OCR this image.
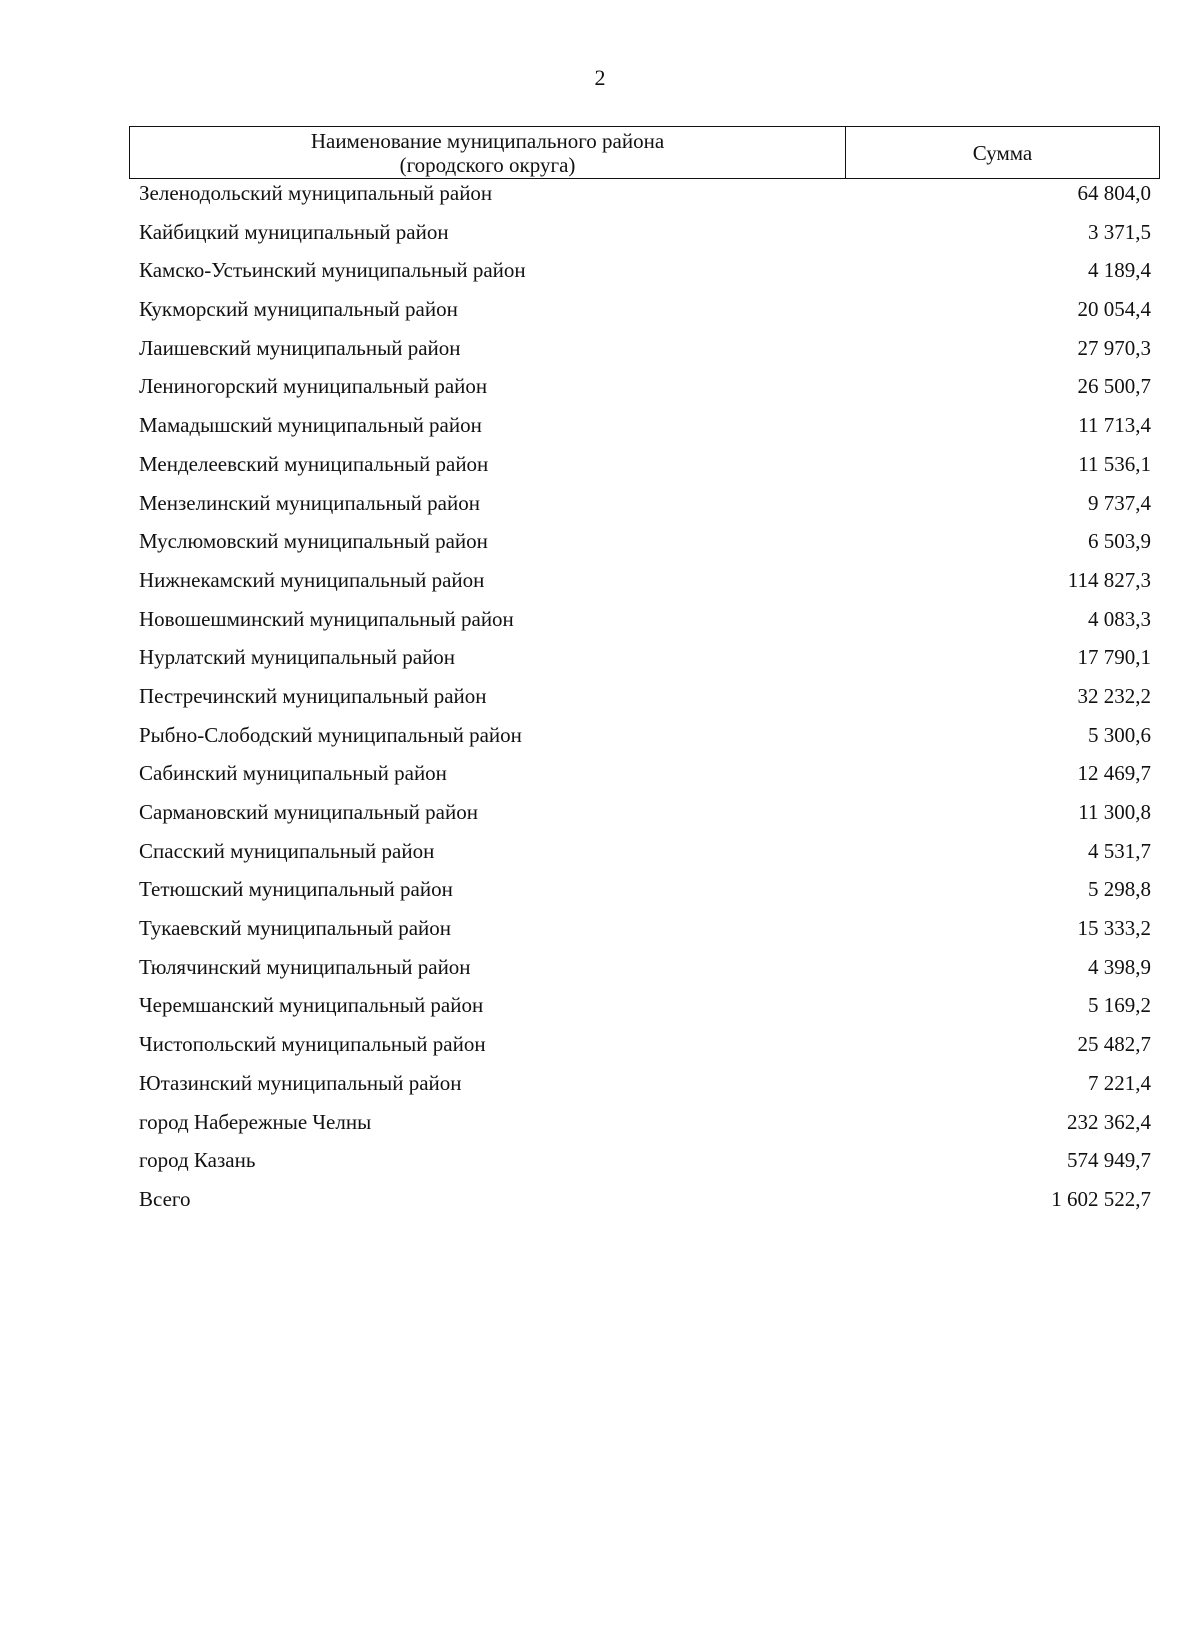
2
Наименование муниципального района
(городского округа)	Сумма
Зеленодольский муниципальный район	64 804,0
Кайбицкий муниципальный район	3 371,5
Камско-Устьинский муниципальный район	4 189,4
Кукморский муниципальный район	20 054,4
Лаишевский муниципальный район	27 970,3
Лениногорский муниципальный район	26 500,7
Мамадышский муниципальный район	11 713,4
Менделеевский муниципальный район	11 536,1
Мензелинский муниципальный район	9 737,4
Муслюмовский муниципальный район	6 503,9
Нижнекамский муниципальный район	114 827,3
Новошешминский муниципальный район	4 083,3
Нурлатский муниципальный район	17 790,1
Пестречинский муниципальный район	32 232,2
Рыбно-Слободский муниципальный район	5 300,6
Сабинский муниципальный район	12 469,7
Сармановский муниципальный район	11 300,8
Спасский муниципальный район	4 531,7
Тетюшский муниципальный район	5 298,8
Тукаевский муниципальный район	15 333,2
Тюлячинский муниципальный район	4 398,9
Черемшанский муниципальный район	5 169,2
Чистопольский муниципальный район	25 482,7
Ютазинский муниципальный район	7 221,4
город Набережные Челны	232 362,4
город Казань	574 949,7
Всего	1 602 522,7
